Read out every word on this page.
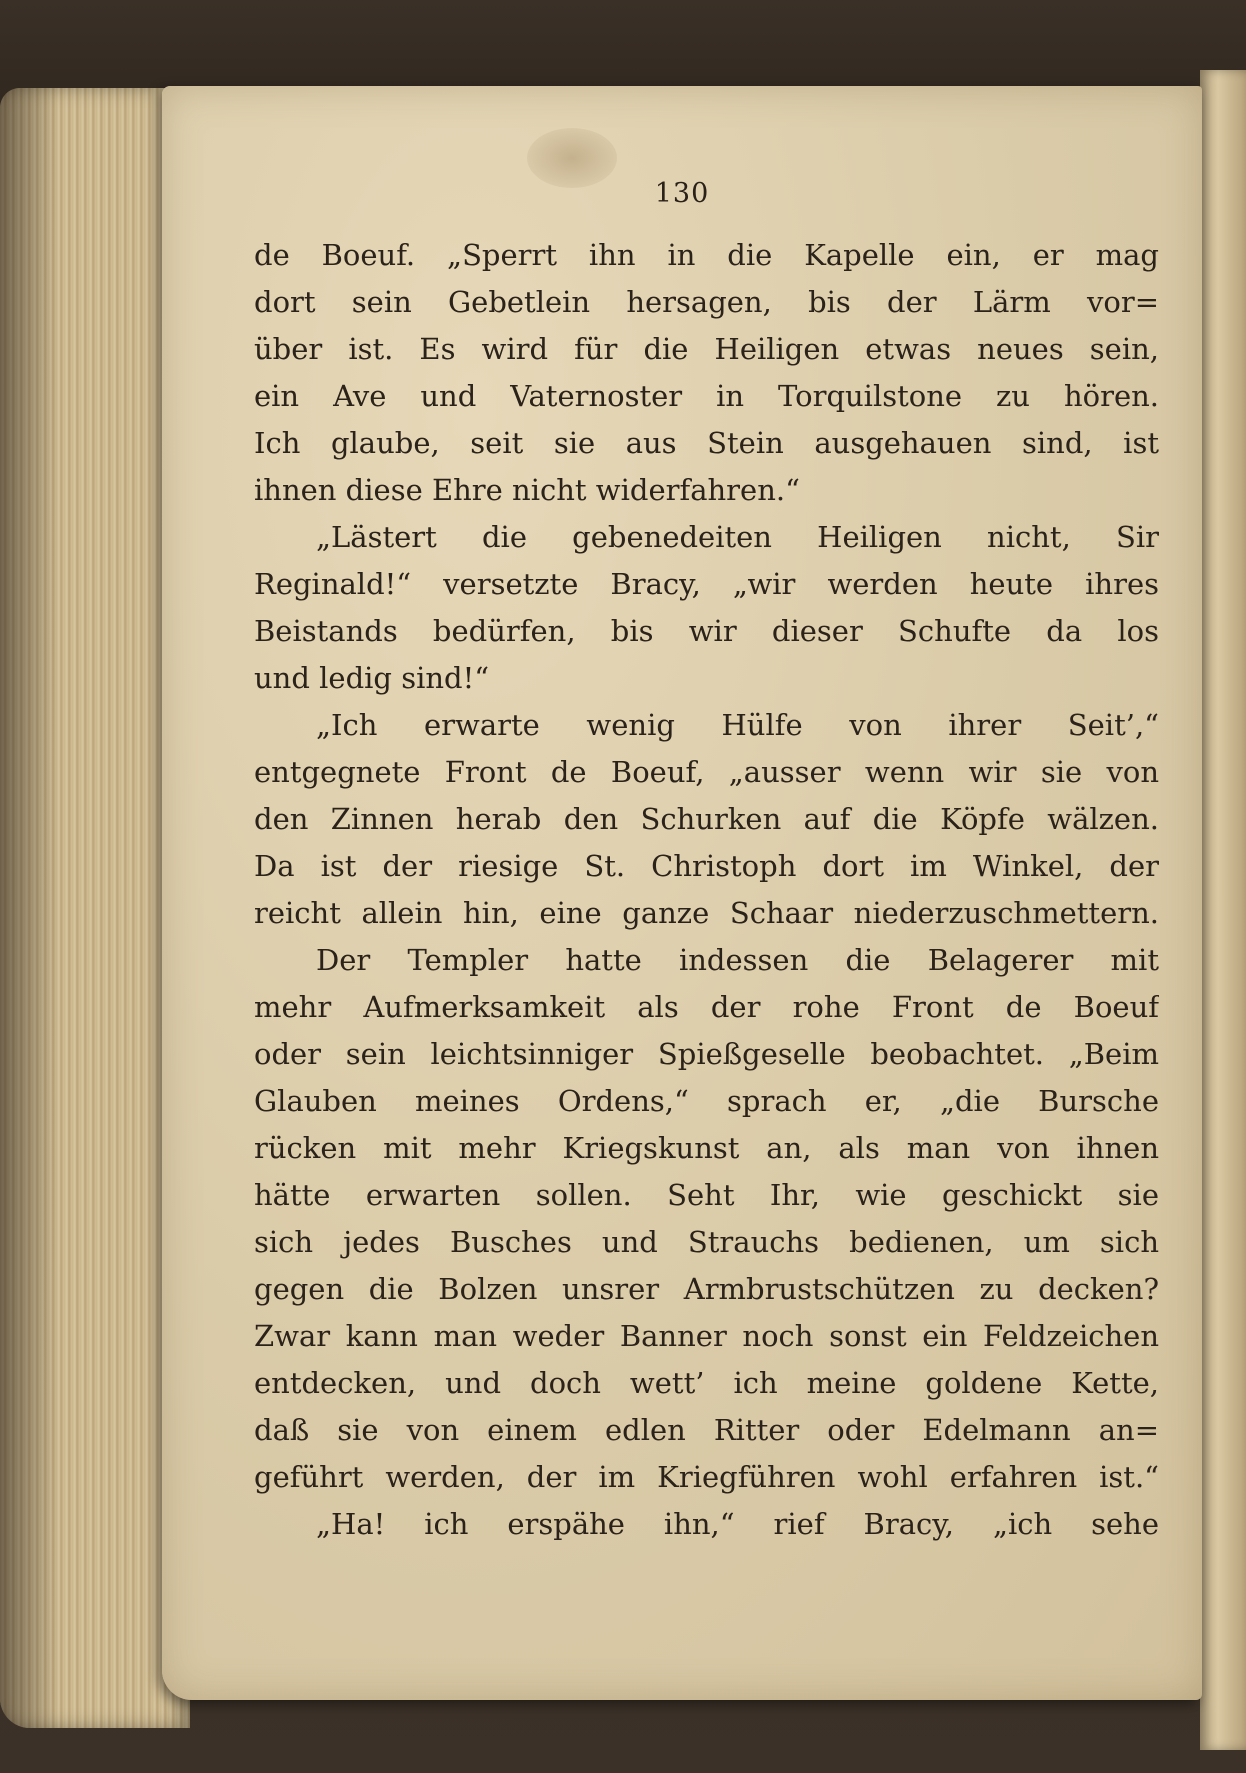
130
de Boeuf. „Sperrt ihn in die Kapelle ein, er mag
dort sein Gebetlein hersagen, bis der Lärm vor=
über ist. Es wird für die Heiligen etwas neues sein,
ein Ave und Vaternoster in Torquilstone zu hören.
Ich glaube, seit sie aus Stein ausgehauen sind, ist
ihnen diese Ehre nicht widerfahren.“
„Lästert die gebenedeiten Heiligen nicht, Sir
Reginald!“ versetzte Bracy, „wir werden heute ihres
Beistands bedürfen, bis wir dieser Schufte da los
und ledig sind!“
„Ich erwarte wenig Hülfe von ihrer Seit’,“
entgegnete Front de Boeuf, „ausser wenn wir sie von
den Zinnen herab den Schurken auf die Köpfe wälzen.
Da ist der riesige St. Christoph dort im Winkel, der
reicht allein hin, eine ganze Schaar niederzuschmettern.
Der Templer hatte indessen die Belagerer mit
mehr Aufmerksamkeit als der rohe Front de Boeuf
oder sein leichtsinniger Spießgeselle beobachtet. „Beim
Glauben meines Ordens,“ sprach er, „die Bursche
rücken mit mehr Kriegskunst an, als man von ihnen
hätte erwarten sollen. Seht Ihr, wie geschickt sie
sich jedes Busches und Strauchs bedienen, um sich
gegen die Bolzen unsrer Armbrustschützen zu decken?
Zwar kann man weder Banner noch sonst ein Feldzeichen
entdecken, und doch wett’ ich meine goldene Kette,
daß sie von einem edlen Ritter oder Edelmann an=
geführt werden, der im Kriegführen wohl erfahren ist.“
„Ha! ich erspähe ihn,“ rief Bracy, „ich sehe
